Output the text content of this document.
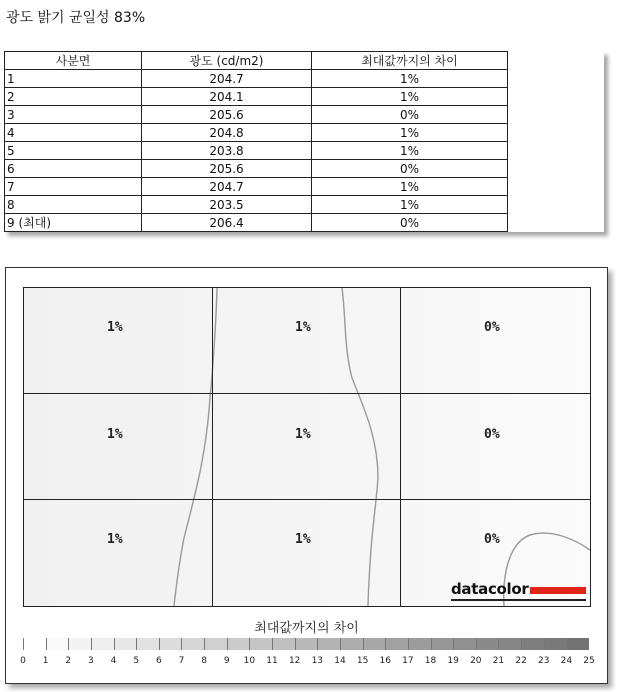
광도 밝기 균일성 83%
사분면	광도 (cd/m2)	최대값까지의 차이
1	204.7	1%
2	204.1	1%
3	205.6	0%
4	204.8	1%
5	203.8	1%
6	205.6	0%
7	204.7	1%
8	203.5	1%
9 (최대)	206.4	0%
1%	1%	0%
1%	1%	0%
1%	1%	0%
datacolor
최대값까지의 차이
0 1 2 3 4 5 6 7 8 9 10 11 12 13 14 15 16 17 18 19 20 21 22 23 24 25
